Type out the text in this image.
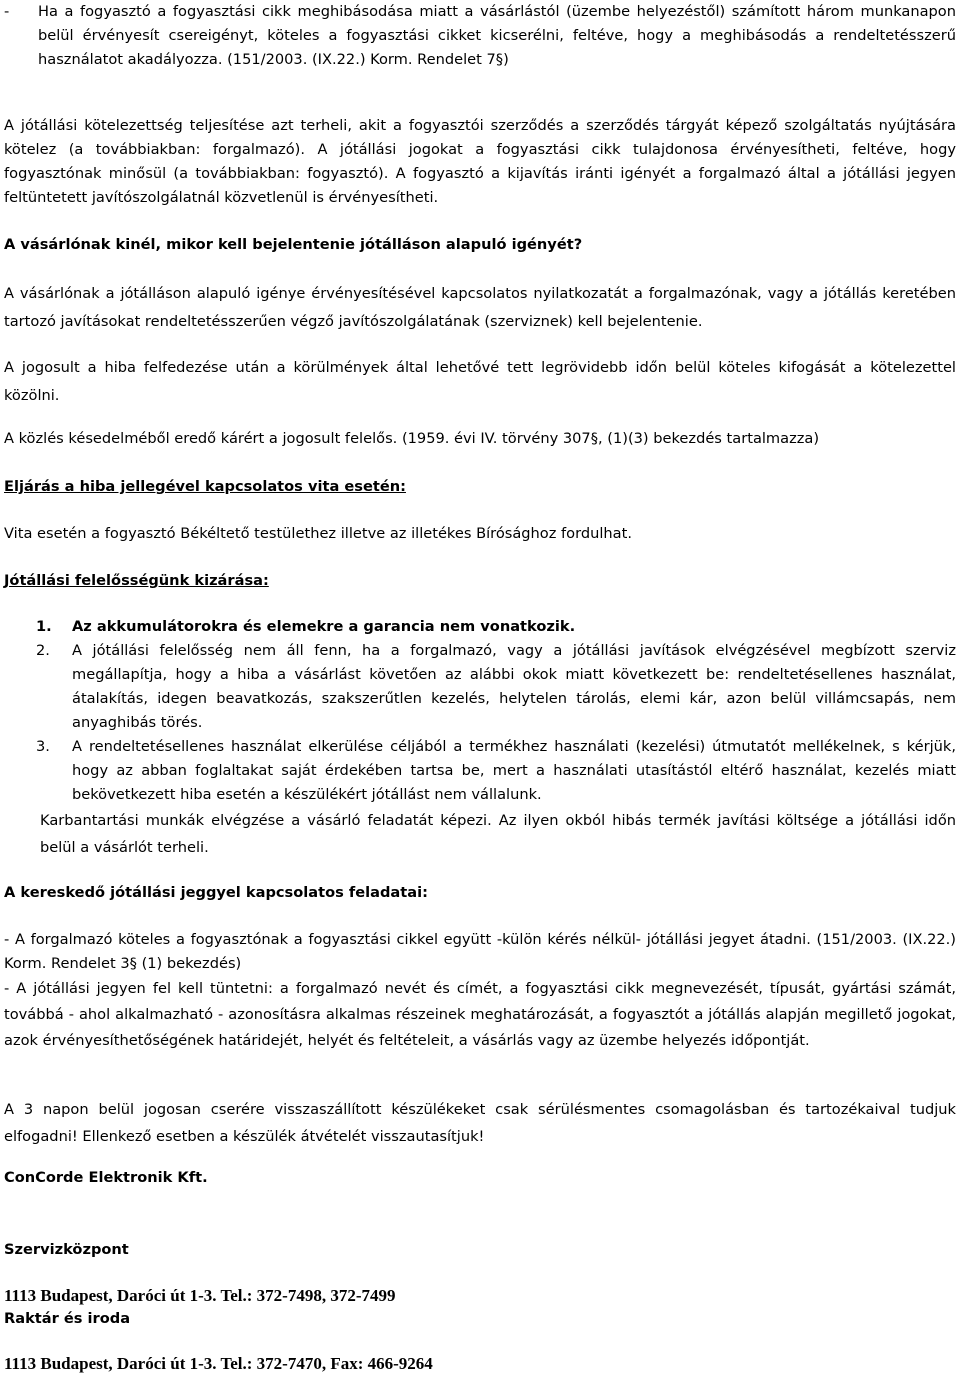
- Ha a fogyasztó a fogyasztási cikk meghibásodása miatt a vásárlástól (üzembe helyezéstől) számított három munkanapon belül érvényesít csereigényt, köteles a fogyasztási cikket kicserélni, feltéve, hogy a meghibásodás a rendeltetésszerű használatot akadályozza. (151/2003. (IX.22.) Korm. Rendelet 7§)

A jótállási kötelezettség teljesítése azt terheli, akit a fogyasztói szerződés a szerződés tárgyát képező szolgáltatás nyújtására kötelez (a továbbiakban: forgalmazó). A jótállási jogokat a fogyasztási cikk tulajdonosa érvényesítheti, feltéve, hogy fogyasztónak minősül (a továbbiakban: fogyasztó). A fogyasztó a kijavítás iránti igényét a forgalmazó által a jótállási jegyen feltüntetett javítószolgálatnál közvetlenül is érvényesítheti.

A vásárlónak kinél, mikor kell bejelentenie jótálláson alapuló igényét?

A vásárlónak a jótálláson alapuló igénye érvényesítésével kapcsolatos nyilatkozatát a forgalmazónak, vagy a jótállás keretében tartozó javításokat rendeltetésszerűen végző javítószolgálatának (szerviznek) kell bejelentenie.

A jogosult a hiba felfedezése után a körülmények által lehetővé tett legrövidebb időn belül köteles kifogását a kötelezettel közölni.

A közlés késedelméből eredő kárért a jogosult felelős. (1959. évi IV. törvény 307§, (1)(3) bekezdés tartalmazza)

Eljárás a hiba jellegével kapcsolatos vita esetén:

Vita esetén a fogyasztó Békéltető testülethez illetve az illetékes Bírósághoz fordulhat.

Jótállási felelősségünk kizárása:

1. Az akkumulátorokra és elemekre a garancia nem vonatkozik.
2. A jótállási felelősség nem áll fenn, ha a forgalmazó, vagy a jótállási javítások elvégzésével megbízott szerviz megállapítja, hogy a hiba a vásárlást követően az alábbi okok miatt következett be: rendeltetésellenes használat, átalakítás, idegen beavatkozás, szakszerűtlen kezelés, helytelen tárolás, elemi kár, azon belül villámcsapás, nem anyaghibás törés.
3. A rendeltetésellenes használat elkerülése céljából a termékhez használati (kezelési) útmutatót mellékelnek, s kérjük, hogy az abban foglaltakat saját érdekében tartsa be, mert a használati utasítástól eltérő használat, kezelés miatt bekövetkezett hiba esetén a készülékért jótállást nem vállalunk.

Karbantartási munkák elvégzése a vásárló feladatát képezi. Az ilyen okból hibás termék javítási költsége a jótállási időn belül a vásárlót terheli.

A kereskedő jótállási jeggyel kapcsolatos feladatai:

- A forgalmazó köteles a fogyasztónak a fogyasztási cikkel együtt -külön kérés nélkül- jótállási jegyet átadni. (151/2003. (IX.22.) Korm. Rendelet 3§ (1) bekezdés)

- A jótállási jegyen fel kell tüntetni: a forgalmazó nevét és címét, a fogyasztási cikk megnevezését, típusát, gyártási számát, továbbá - ahol alkalmazható - azonosításra alkalmas részeinek meghatározását, a fogyasztót a jótállás alapján megillető jogokat, azok érvényesíthetőségének határidejét, helyét és feltételeit, a vásárlás vagy az üzembe helyezés időpontját.

A 3 napon belül jogosan cserére visszaszállított készülékeket csak sérülésmentes csomagolásban és tartozékaival tudjuk elfogadni! Ellenkező esetben a készülék átvételét visszautasítjuk!

ConCorde Elektronik Kft.

Szervizközpont

1113 Budapest, Daróci út 1-3. Tel.: 372-7498, 372-7499

Raktár és iroda

1113 Budapest, Daróci út 1-3. Tel.: 372-7470, Fax: 466-9264
